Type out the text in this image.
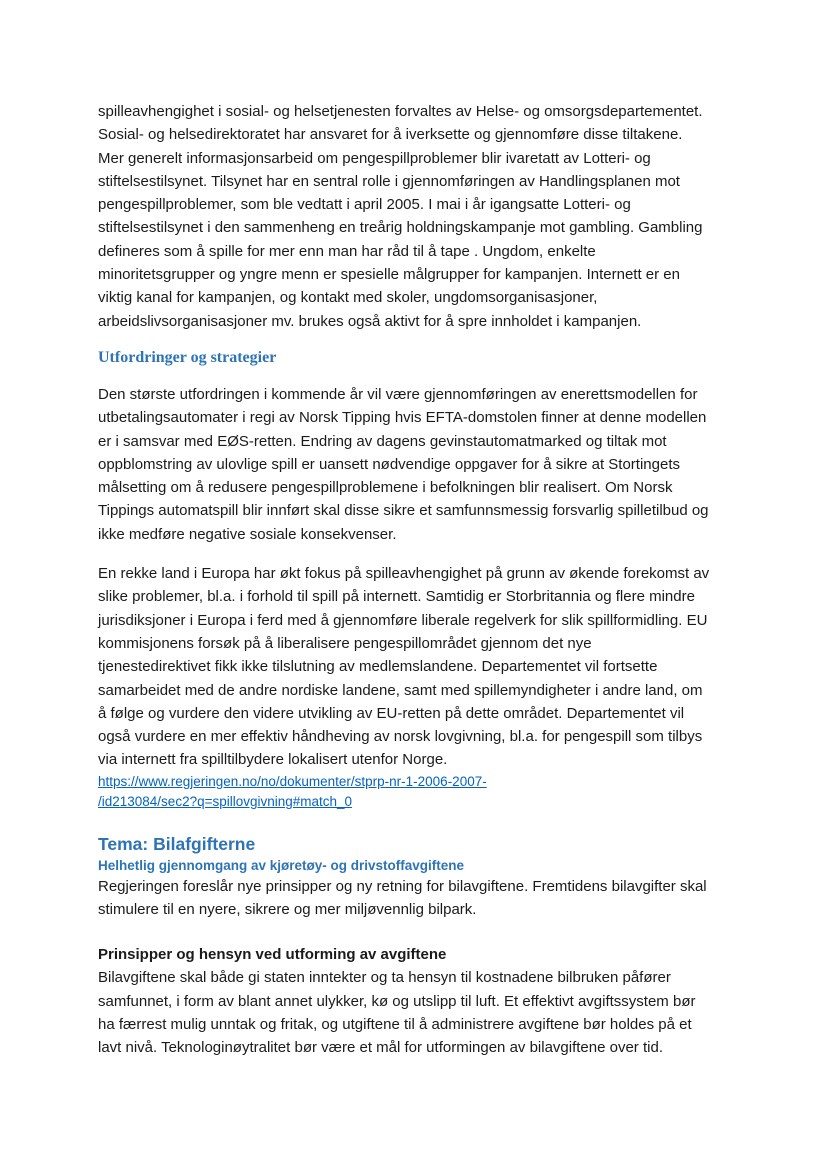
spilleavhengighet i sosial- og helsetjenesten forvaltes av Helse- og omsorgsdepartementet.
Sosial- og helsedirektoratet har ansvaret for å iverksette og gjennomføre disse tiltakene.
Mer generelt informasjonsarbeid om pengespillproblemer blir ivaretatt av Lotteri- og
stiftelsestilsynet. Tilsynet har en sentral rolle i gjennomføringen av Handlingsplanen mot
pengespillproblemer, som ble vedtatt i april 2005. I mai i år igangsatte Lotteri- og
stiftelsestilsynet i den sammenheng en treårig holdningskampanje mot gambling. Gambling
defineres som å spille for mer enn man har råd til å tape . Ungdom, enkelte
minoritetsgrupper og yngre menn er spesielle målgrupper for kampanjen. Internett er en
viktig kanal for kampanjen, og kontakt med skoler, ungdomsorganisasjoner,
arbeidslivsorganisasjoner mv. brukes også aktivt for å spre innholdet i kampanjen.

Utfordringer og strategier

Den største utfordringen i kommende år vil være gjennomføringen av enerettsmodellen for
utbetalingsautomater i regi av Norsk Tipping hvis EFTA-domstolen finner at denne modellen
er i samsvar med EØS-retten. Endring av dagens gevinstautomatmarked og tiltak mot
oppblomstring av ulovlige spill er uansett nødvendige oppgaver for å sikre at Stortingets
målsetting om å redusere pengespillproblemene i befolkningen blir realisert. Om Norsk
Tippings automatspill blir innført skal disse sikre et samfunnsmessig forsvarlig spilletilbud og
ikke medføre negative sosiale konsekvenser.

En rekke land i Europa har økt fokus på spilleavhengighet på grunn av økende forekomst av
slike problemer, bl.a. i forhold til spill på internett. Samtidig er Storbritannia og flere mindre
jurisdiksjoner i Europa i ferd med å gjennomføre liberale regelverk for slik spillformidling. EU
kommisjonens forsøk på å liberalisere pengespillområdet gjennom det nye
tjenestedirektivet fikk ikke tilslutning av medlemslandene. Departementet vil fortsette
samarbeidet med de andre nordiske landene, samt med spillemyndigheter i andre land, om
å følge og vurdere den videre utvikling av EU-retten på dette området. Departementet vil
også vurdere en mer effektiv håndheving av norsk lovgivning, bl.a. for pengespill som tilbys
via internett fra spilltilbydere lokalisert utenfor Norge.

https://www.regjeringen.no/no/dokumenter/stprp-nr-1-2006-2007-
/id213084/sec2?q=spillovgivning#match_0
Tema: Bilafgifterne
Helhetlig gjennomgang av kjøretøy- og drivstoffavgiftene

Regjeringen foreslår nye prinsipper og ny retning for bilavgiftene. Fremtidens bilavgifter skal
stimulere til en nyere, sikrere og mer miljøvennlig bilpark.

Prinsipper og hensyn ved utforming av avgiftene

Bilavgiftene skal både gi staten inntekter og ta hensyn til kostnadene bilbruken påfører
samfunnet, i form av blant annet ulykker, kø og utslipp til luft. Et effektivt avgiftssystem bør
ha færrest mulig unntak og fritak, og utgiftene til å administrere avgiftene bør holdes på et
lavt nivå. Teknologinøytralitet bør være et mål for utformingen av bilavgiftene over tid.
